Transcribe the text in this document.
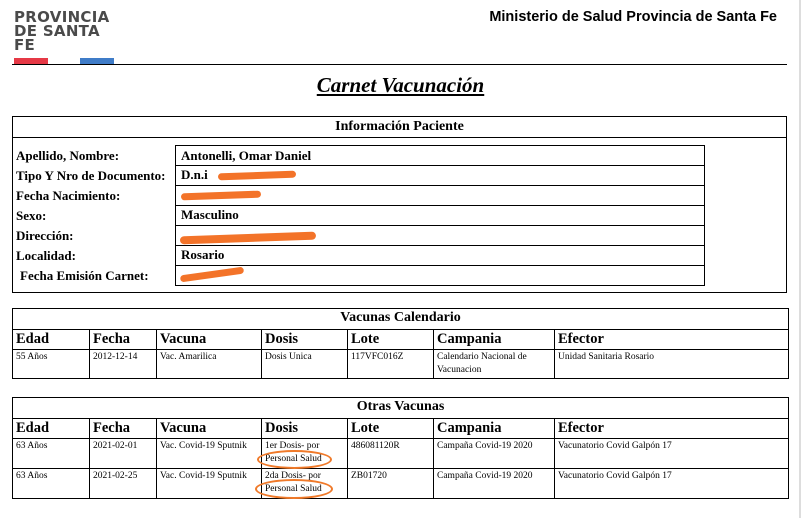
PROVINCIA
DE SANTA FE
Ministerio de Salud Provincia de Santa Fe
Carnet Vacunación
Información Paciente
Apellido, Nombre:	Antonelli, Omar Daniel
Tipo Y Nro de Documento:	D.n.i
Fecha Nacimiento:
Sexo:	Masculino
Dirección:
Localidad:	Rosario
Fecha Emisión Carnet:
Vacunas Calendario						
Edad	Fecha	Vacuna	Dosis	Lote	Campania	Efector
55 Años	2012-12-14	Vac. Amarilica	Dosis Unica	117VFC016Z	Calendario Nacional de Vacunacion	Unidad Sanitaria Rosario
Otras Vacunas						
Edad	Fecha	Vacuna	Dosis	Lote	Campania	Efector
63 Años	2021-02-01	Vac. Covid-19 Sputnik	1er Dosis- por Personal Salud	486081120R	Campaña Covid-19 2020	Vacunatorio Covid Galpón 17
63 Años	2021-02-25	Vac. Covid-19 Sputnik	2da Dosis- por Personal Salud	ZB01720	Campaña Covid-19 2020	Vacunatorio Covid Galpón 17
